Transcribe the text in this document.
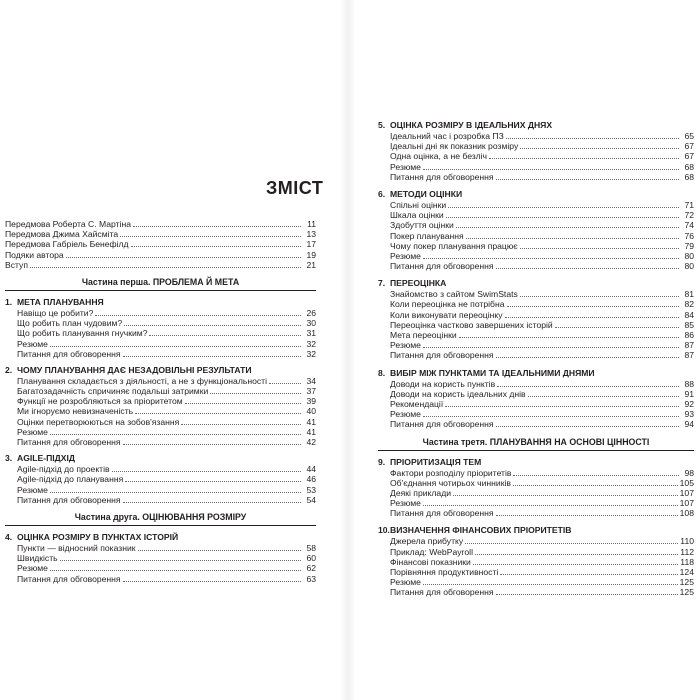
ЗМІСТ
Передмова Роберта С. Мартіна	11
Передмова Джима Хайсміта	13
Передмова Габріель Бенефілд	17
Подяки автора	19
Вступ	21
Частина перша. ПРОБЛЕМА Й МЕТА
1. МЕТА ПЛАНУВАННЯ
Навіщо це робити?	26
Що робить план чудовим?	30
Що робить планування гнучким?	31
Резюме	32
Питання для обговорення	32
2. ЧОМУ ПЛАНУВАННЯ ДАЄ НЕЗАДОВІЛЬНІ РЕЗУЛЬТАТИ
Планування складається з діяльності, а не з функціональності	34
Багатозадачність спричиняє подальші затримки	37
Функції не розробляються за пріоритетом	39
Ми ігноруємо невизначеність	40
Оцінки перетворюються на зобов'язання	41
Резюме	41
Питання для обговорення	42
3. AGILE-ПІДХІД
Agile-підхід до проектів	44
Agile-підхід до планування	46
Резюме	53
Питання для обговорення	54
Частина друга. ОЦІНЮВАННЯ РОЗМІРУ
4. ОЦІНКА РОЗМІРУ В ПУНКТАХ ІСТОРІЙ
Пункти — відносний показник	58
Швидкість	60
Резюме	62
Питання для обговорення	63
5. ОЦІНКА РОЗМІРУ В ІДЕАЛЬНИХ ДНЯХ
Ідеальний час і розробка ПЗ	65
Ідеальні дні як показник розміру	67
Одна оцінка, а не безліч	67
Резюме	68
Питання для обговорення	68
6. МЕТОДИ ОЦІНКИ
Спільні оцінки	71
Шкала оцінки	72
Здобуття оцінки	74
Покер планування	76
Чому покер планування працює	79
Резюме	80
Питання для обговорення	80
7. ПЕРЕОЦІНКА
Знайомство з сайтом SwimStats	81
Коли переоцінка не потрібна	82
Коли виконувати переоцінку	84
Переоцінка частково завершених історій	85
Мета переоцінки	86
Резюме	87
Питання для обговорення	87
8. ВИБІР МІЖ ПУНКТАМИ ТА ІДЕАЛЬНИМИ ДНЯМИ
Доводи на користь пунктів	88
Доводи на користь ідеальних днів	91
Рекомендації	92
Резюме	93
Питання для обговорення	94
Частина третя. ПЛАНУВАННЯ НА ОСНОВІ ЦІННОСТІ
9. ПРІОРИТИЗАЦІЯ ТЕМ
Фактори розподілу пріоритетів	98
Об'єднання чотирьох чинників	105
Деякі приклади	107
Резюме	107
Питання для обговорення	108
10. ВИЗНАЧЕННЯ ФІНАНСОВИХ ПРІОРИТЕТІВ
Джерела прибутку	110
Приклад: WebPayroll	112
Фінансові показники	118
Порівняння продуктивності	124
Резюме	125
Питання для обговорення	125
